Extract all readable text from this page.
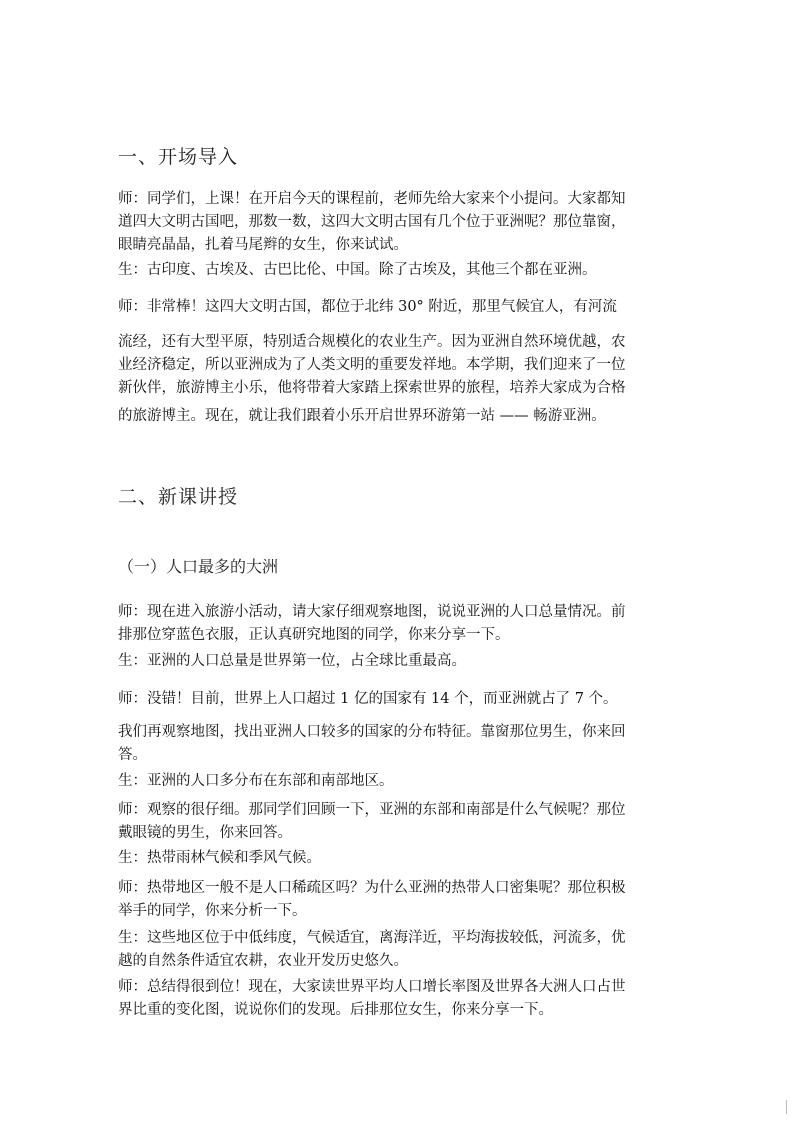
一、开场导入
师：同学们，上课！在开启今天的课程前，老师先给大家来个小提问。大家都知
道四大文明古国吧，那数一数，这四大文明古国有几个位于亚洲呢？那位靠窗，
眼睛亮晶晶，扎着马尾辫的女生，你来试试。
生：古印度、古埃及、古巴比伦、中国。除了古埃及，其他三个都在亚洲。
师：非常棒！这四大文明古国，都位于北纬 30° 附近，那里气候宜人，有河流
流经，还有大型平原，特别适合规模化的农业生产。因为亚洲自然环境优越，农
业经济稳定，所以亚洲成为了人类文明的重要发祥地。本学期，我们迎来了一位
新伙伴，旅游博主小乐，他将带着大家踏上探索世界的旅程，培养大家成为合格
的旅游博主。现在，就让我们跟着小乐开启世界环游第一站 —— 畅游亚洲。
二、新课讲授
（一）人口最多的大洲
师：现在进入旅游小活动，请大家仔细观察地图，说说亚洲的人口总量情况。前
排那位穿蓝色衣服，正认真研究地图的同学，你来分享一下。
生：亚洲的人口总量是世界第一位，占全球比重最高。
师：没错！目前，世界上人口超过 1 亿的国家有 14 个，而亚洲就占了 7 个。
我们再观察地图，找出亚洲人口较多的国家的分布特征。靠窗那位男生，你来回
答。
生：亚洲的人口多分布在东部和南部地区。
师：观察的很仔细。那同学们回顾一下，亚洲的东部和南部是什么气候呢？那位
戴眼镜的男生，你来回答。
生：热带雨林气候和季风气候。
师：热带地区一般不是人口稀疏区吗？为什么亚洲的热带人口密集呢？那位积极
举手的同学，你来分析一下。
生：这些地区位于中低纬度，气候适宜，离海洋近，平均海拔较低，河流多，优
越的自然条件适宜农耕，农业开发历史悠久。
师：总结得很到位！现在，大家读世界平均人口增长率图及世界各大洲人口占世
界比重的变化图，说说你们的发现。后排那位女生，你来分享一下。
